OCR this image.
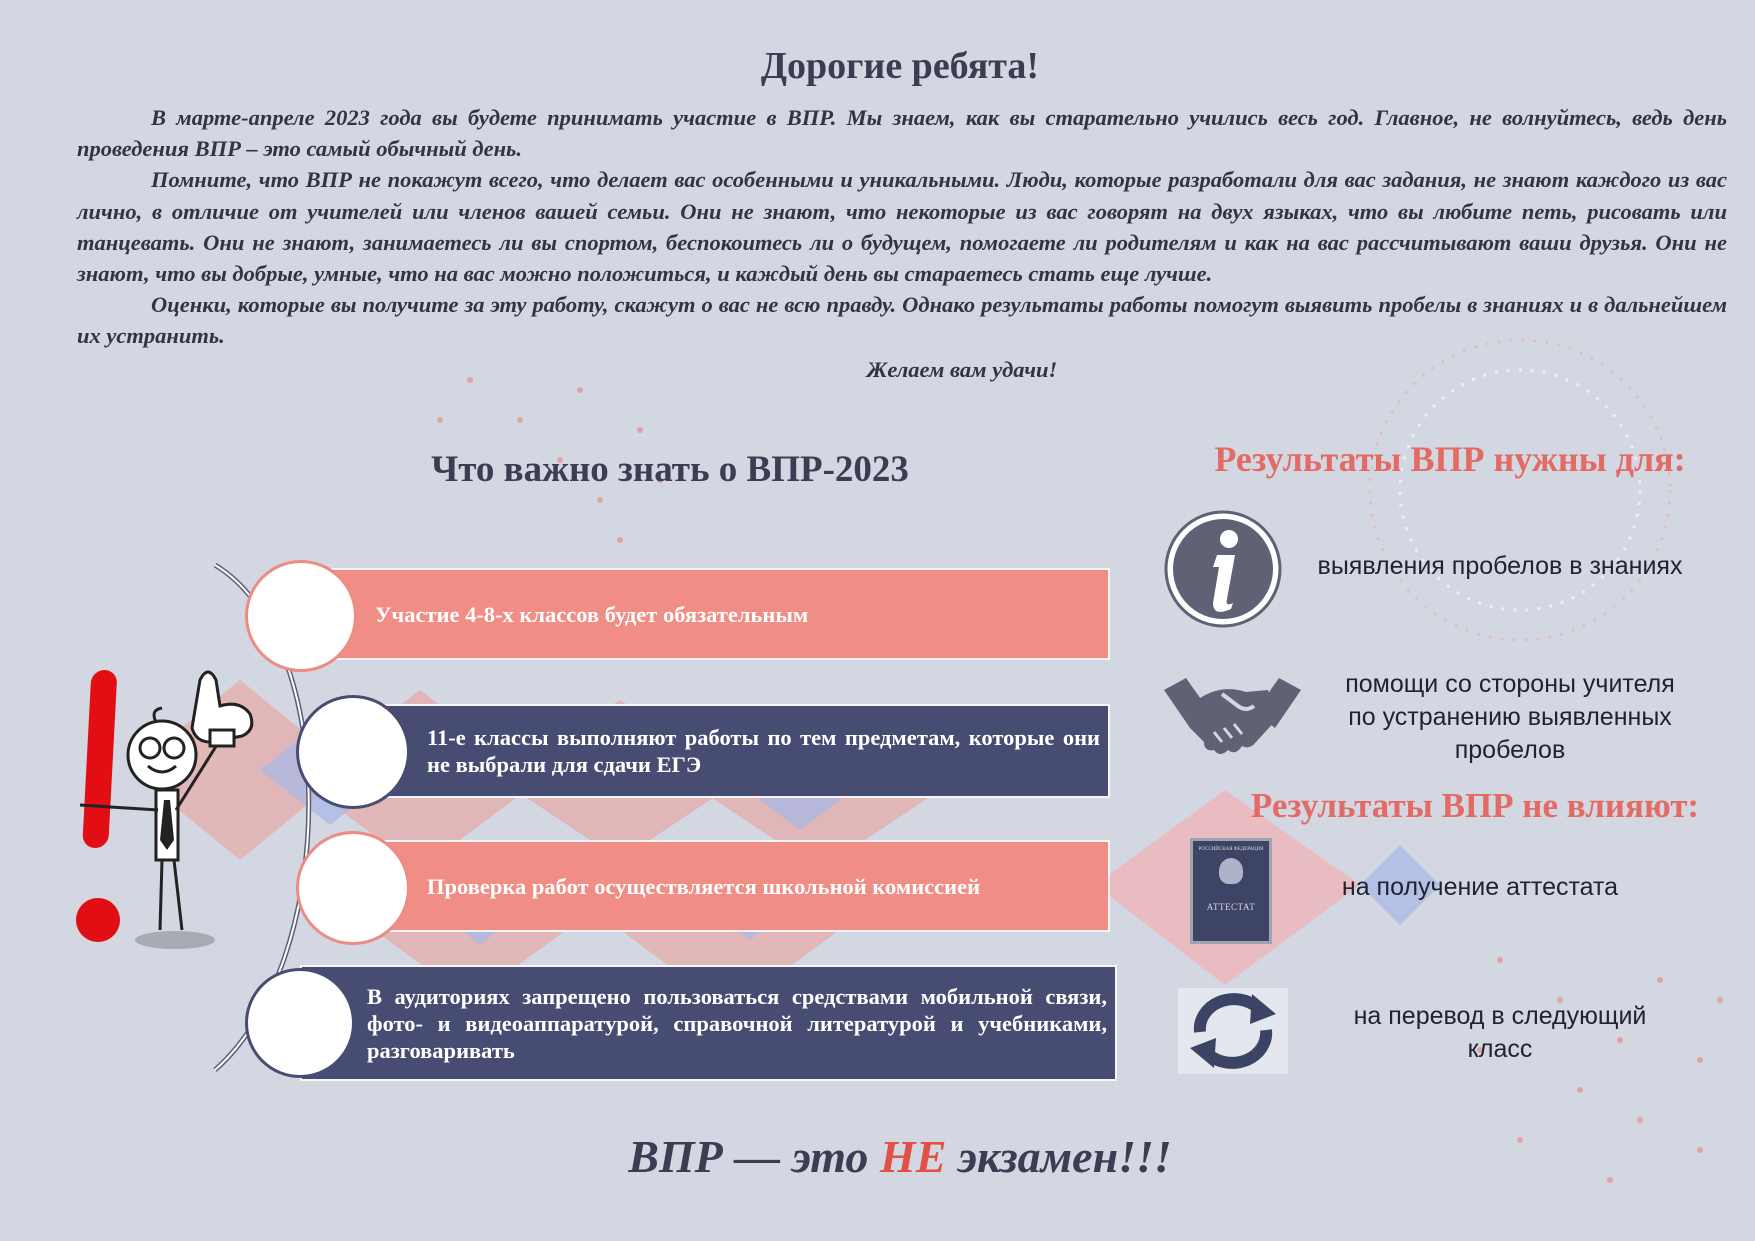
Дорогие ребята!

В марте-апреле 2023 года вы будете принимать участие в ВПР. Мы знаем, как вы старательно учились весь год. Главное, не волнуйтесь, ведь день проведения ВПР – это самый обычный день.

Помните, что ВПР не покажут всего, что делает вас особенными и уникальными. Люди, которые разработали для вас задания, не знают каждого из вас лично, в отличие от учителей или членов вашей семьи. Они не знают, что некоторые из вас говорят на двух языках, что вы любите петь, рисовать или танцевать. Они не знают, занимаетесь ли вы спортом, беспокоитесь ли о будущем, помогаете ли родителям и как на вас рассчитывают ваши друзья. Они не знают, что вы добрые, умные, что на вас можно положиться, и каждый день вы стараетесь стать еще лучше.

Оценки, которые вы получите за эту работу, скажут о вас не всю правду. Однако результаты работы помогут выявить пробелы в знаниях и в дальнейшем их устранить.

Желаем вам удачи!

Что важно знать о ВПР-2023	Результаты ВПР нужны для:
Участие 4-8-х классов будет обязательным
11-е классы выполняют работы по тем предметам, которые они не выбрали для сдачи ЕГЭ
Проверка работ осуществляется школьной комиссией
В аудиториях запрещено пользоваться средствами мобильной связи, фото- и видеоаппаратурой, справочной литературой и учебниками, разговаривать
выявления пробелов в знаниях
помощи со стороны учителя по устранению выявленных пробелов
Результаты ВПР не влияют:
РОССИЙСКАЯ ФЕДЕРАЦИЯ
АТТЕСТАТ
на получение аттестата
на перевод в следующий класс
ВПР — это НЕ экзамен!!!
